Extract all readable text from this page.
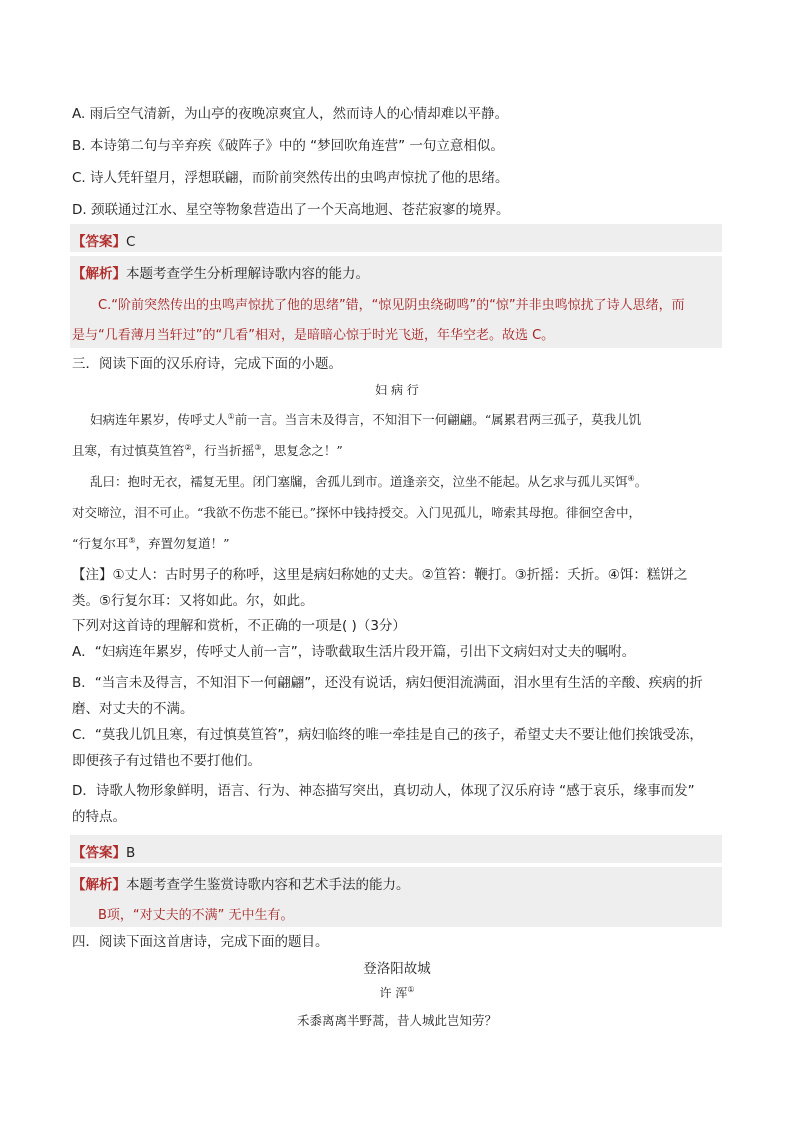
A. 雨后空气清新，为山亭的夜晚凉爽宜人，然而诗人的心情却难以平静。
B. 本诗第二句与辛弃疾《破阵子》中的 “梦回吹角连营” 一句立意相似。
C. 诗人凭轩望月，浮想联翩，而阶前突然传出的虫鸣声惊扰了他的思绪。
D. 颈联通过江水、星空等物象营造出了一个天高地迥、苍茫寂寥的境界。
【答案】C
【解析】本题考查学生分析理解诗歌内容的能力。
C.“阶前突然传出的虫鸣声惊扰了他的思绪”错，“惊见阴虫绕砌鸣”的“惊”并非虫鸣惊扰了诗人思绪，而
是与“几看薄月当轩过”的“几看”相对，是暗暗心惊于时光飞逝，年华空老。故选 C。
三．阅读下面的汉乐府诗，完成下面的小题。
妇 病 行
妇病连年累岁，传呼丈人①前一言。当言未及得言，不知泪下一何翩翩。“属累君两三孤子，莫我儿饥
且寒，有过慎莫笪笞②，行当折摇③，思复念之！”
乱曰：抱时无衣，襦复无里。闭门塞牖，舍孤儿到市。道逢亲交，泣坐不能起。从乞求与孤儿买饵④。
对交啼泣，泪不可止。“我欲不伤悲不能已。”探怀中钱持授交。入门见孤儿，啼索其母抱。徘徊空舍中，
“行复尔耳⑤，弃置勿复道！”
【注】①丈人：古时男子的称呼，这里是病妇称她的丈夫。②笪笞：鞭打。③折摇：夭折。④饵：糕饼之
类。⑤行复尔耳：又将如此。尔，如此。
下列对这首诗的理解和赏析，不正确的一项是( )（3分）
A．“妇病连年累岁，传呼丈人前一言”，诗歌截取生活片段开篇，引出下文病妇对丈夫的嘱咐。
B．“当言未及得言，不知泪下一何翩翩”，还没有说话，病妇便泪流满面，泪水里有生活的辛酸、疾病的折
磨、对丈夫的不满。
C．“莫我儿饥且寒，有过慎莫笪笞”，病妇临终的唯一牵挂是自己的孩子，希望丈夫不要让他们挨饿受冻，
即便孩子有过错也不要打他们。
D．诗歌人物形象鲜明，语言、行为、神态描写突出，真切动人，体现了汉乐府诗 “感于哀乐，缘事而发”
的特点。
【答案】B
【解析】本题考查学生鉴赏诗歌内容和艺术手法的能力。
B项，“对丈夫的不满” 无中生有。
四．阅读下面这首唐诗，完成下面的题目。
登洛阳故城
许 浑①
禾黍离离半野蒿，昔人城此岂知劳？
